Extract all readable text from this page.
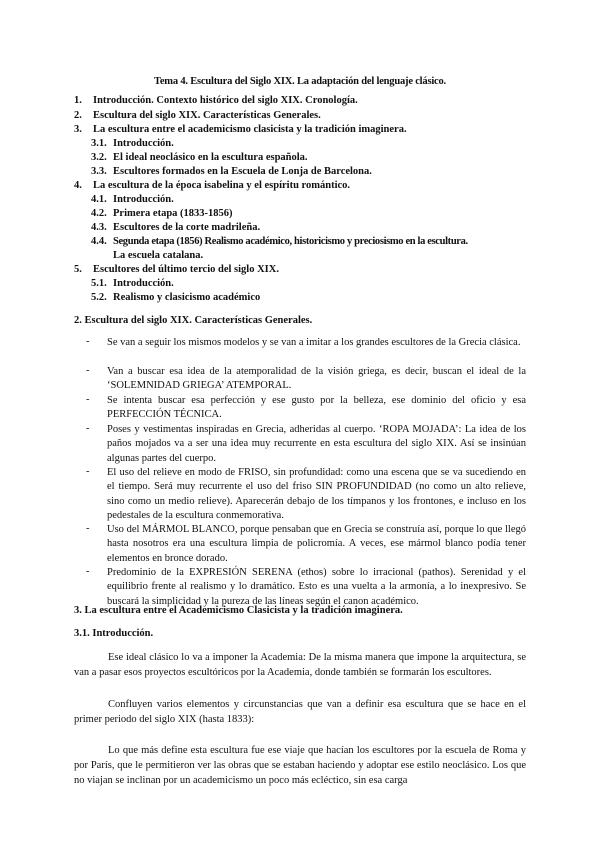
Tema 4. Escultura del Siglo XIX. La adaptación del lenguaje clásico.
1. Introducción. Contexto histórico del siglo XIX. Cronología.
2. Escultura del siglo XIX. Características Generales.
3. La escultura entre el academicismo clasicista y la tradición imaginera.
3.1. Introducción.
3.2. El ideal neoclásico en la escultura española.
3.3. Escultores formados en la Escuela de Lonja de Barcelona.
4. La escultura de la época isabelina y el espíritu romántico.
4.1. Introducción.
4.2. Primera etapa (1833-1856)
4.3. Escultores de la corte madrileña.
4.4. Segunda etapa (1856) Realismo académico, historicismo y preciosismo en la escultura.
La escuela catalana.
5. Escultores del último tercio del siglo XIX.
5.1. Introducción.
5.2. Realismo y clasicismo académico
2. Escultura del siglo XIX. Características Generales.
- Se van a seguir los mismos modelos y se van a imitar a los grandes escultores de la Grecia clásica.
- Van a buscar esa idea de la atemporalidad de la visión griega, es decir, buscan el ideal de la ‘SOLEMNIDAD GRIEGA’ ATEMPORAL.
- Se intenta buscar esa perfección y ese gusto por la belleza, ese dominio del oficio y esa PERFECCIÓN TÉCNICA.
- Poses y vestimentas inspiradas en Grecia, adheridas al cuerpo. ‘ROPA MOJADA’: La idea de los paños mojados va a ser una idea muy recurrente en esta escultura del siglo XIX. Así se insinúan algunas partes del cuerpo.
- El uso del relieve en modo de FRISO, sin profundidad: como una escena que se va sucediendo en el tiempo. Será muy recurrente el uso del friso SIN PROFUNDIDAD (no como un alto relieve, sino como un medio relieve). Aparecerán debajo de los tímpanos y los frontones, e incluso en los pedestales de la escultura conmemorativa.
- Uso del MÁRMOL BLANCO, porque pensaban que en Grecia se construía así, porque lo que llegó hasta nosotros era una escultura limpia de policromía. A veces, ese mármol blanco podía tener elementos en bronce dorado.
- Predominio de la EXPRESIÓN SERENA (ethos) sobre lo irracional (pathos). Serenidad y el equilibrio frente al realismo y lo dramático. Esto es una vuelta a la armonía, a lo inexpresivo. Se buscará la simplicidad y la pureza de las líneas según el canon académico.
3. La escultura entre el Academicismo Clasicista y la tradición imaginera.
3.1. Introducción.
Ese ideal clásico lo va a imponer la Academia: De la misma manera que impone la arquitectura, se van a pasar esos proyectos escultóricos por la Academia, donde también se formarán los escultores.
Confluyen varios elementos y circunstancias que van a definir esa escultura que se hace en el primer periodo del siglo XIX (hasta 1833):
Lo que más define esta escultura fue ese viaje que hacían los escultores por la escuela de Roma y por París, que le permitieron ver las obras que se estaban haciendo y adoptar ese estilo neoclásico. Los que no viajan se inclinan por un academicismo un poco más ecléctico, sin esa carga
